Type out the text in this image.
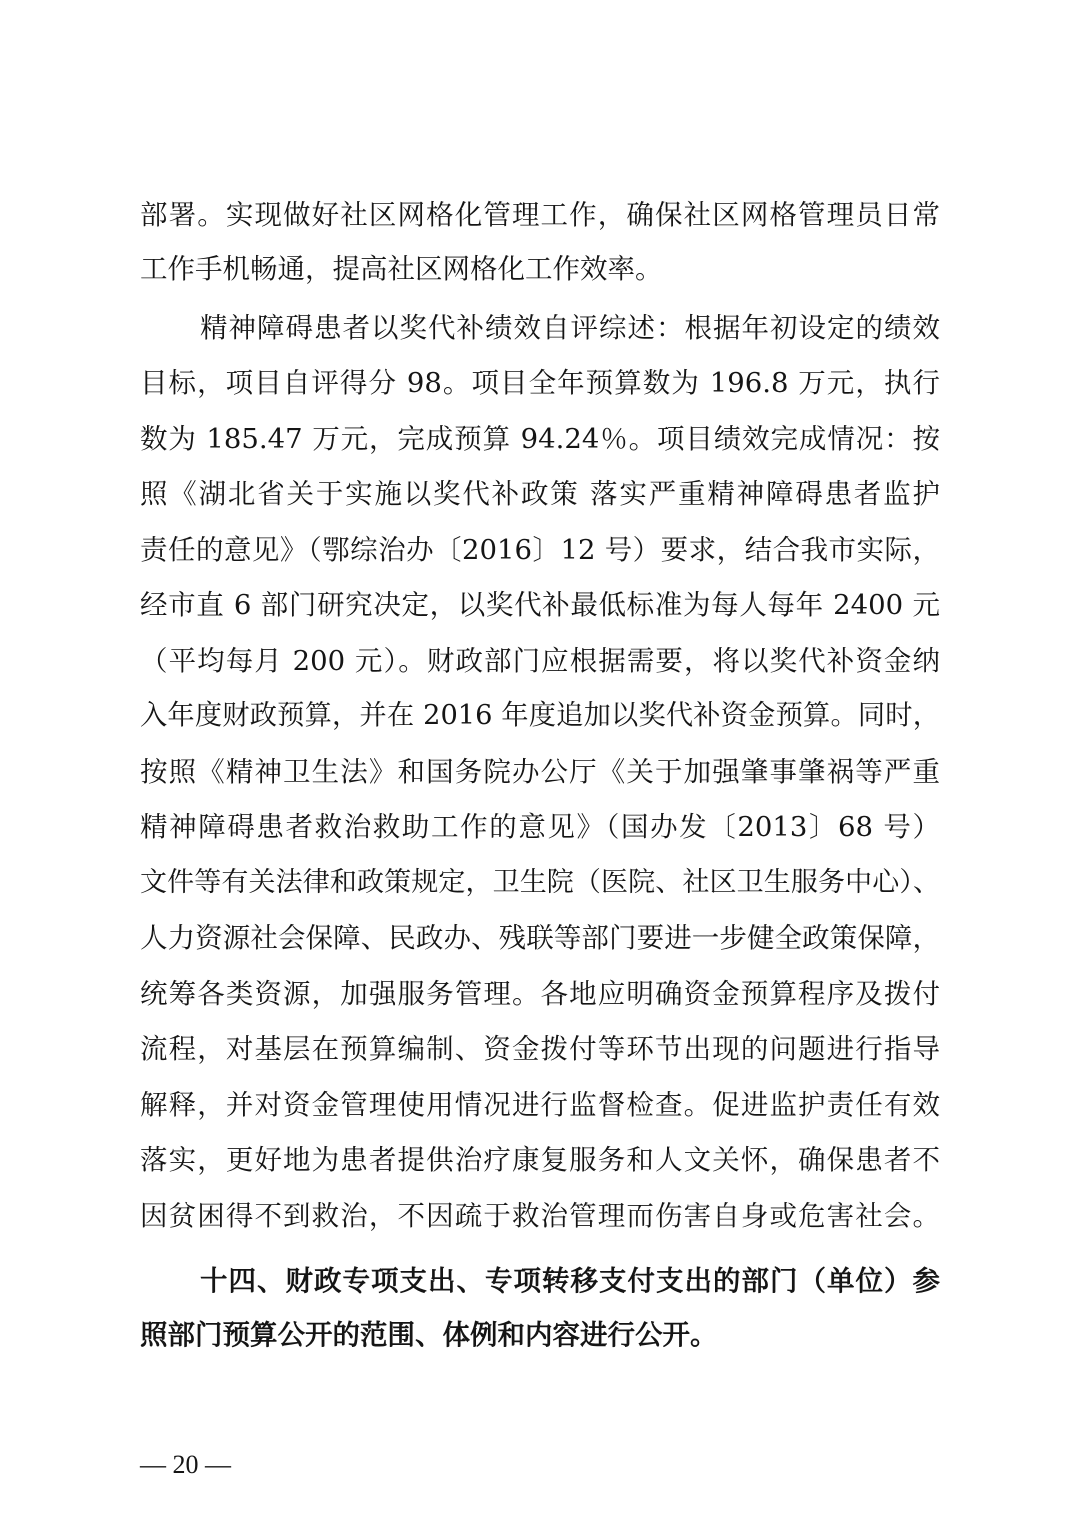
部署。实现做好社区网格化管理工作，确保社区网格管理员日常
工作手机畅通，提高社区网格化工作效率。
精神障碍患者以奖代补绩效自评综述：根据年初设定的绩效
目标，项目自评得分 98。项目全年预算数为 196.8 万元，执行
数为 185.47 万元，完成预算 94.24％。项目绩效完成情况：按
照《湖北省关于实施以奖代补政策 落实严重精神障碍患者监护
责任的意见》（鄂综治办〔2016〕12 号）要求，结合我市实际，
经市直 6 部门研究决定，以奖代补最低标准为每人每年 2400 元
（平均每月 200 元）。财政部门应根据需要，将以奖代补资金纳
入年度财政预算，并在 2016 年度追加以奖代补资金预算。同时，
按照《精神卫生法》和国务院办公厅《关于加强肇事肇祸等严重
精神障碍患者救治救助工作的意见》（国办发〔2013〕68 号）
文件等有关法律和政策规定，卫生院（医院、社区卫生服务中心）、
人力资源社会保障、民政办、残联等部门要进一步健全政策保障，
统筹各类资源，加强服务管理。各地应明确资金预算程序及拨付
流程，对基层在预算编制、资金拨付等环节出现的问题进行指导
解释，并对资金管理使用情况进行监督检查。促进监护责任有效
落实，更好地为患者提供治疗康复服务和人文关怀，确保患者不
因贫困得不到救治，不因疏于救治管理而伤害自身或危害社会。
十四、财政专项支出、专项转移支付支出的部门（单位）参
照部门预算公开的范围、体例和内容进行公开。
— 20 —
